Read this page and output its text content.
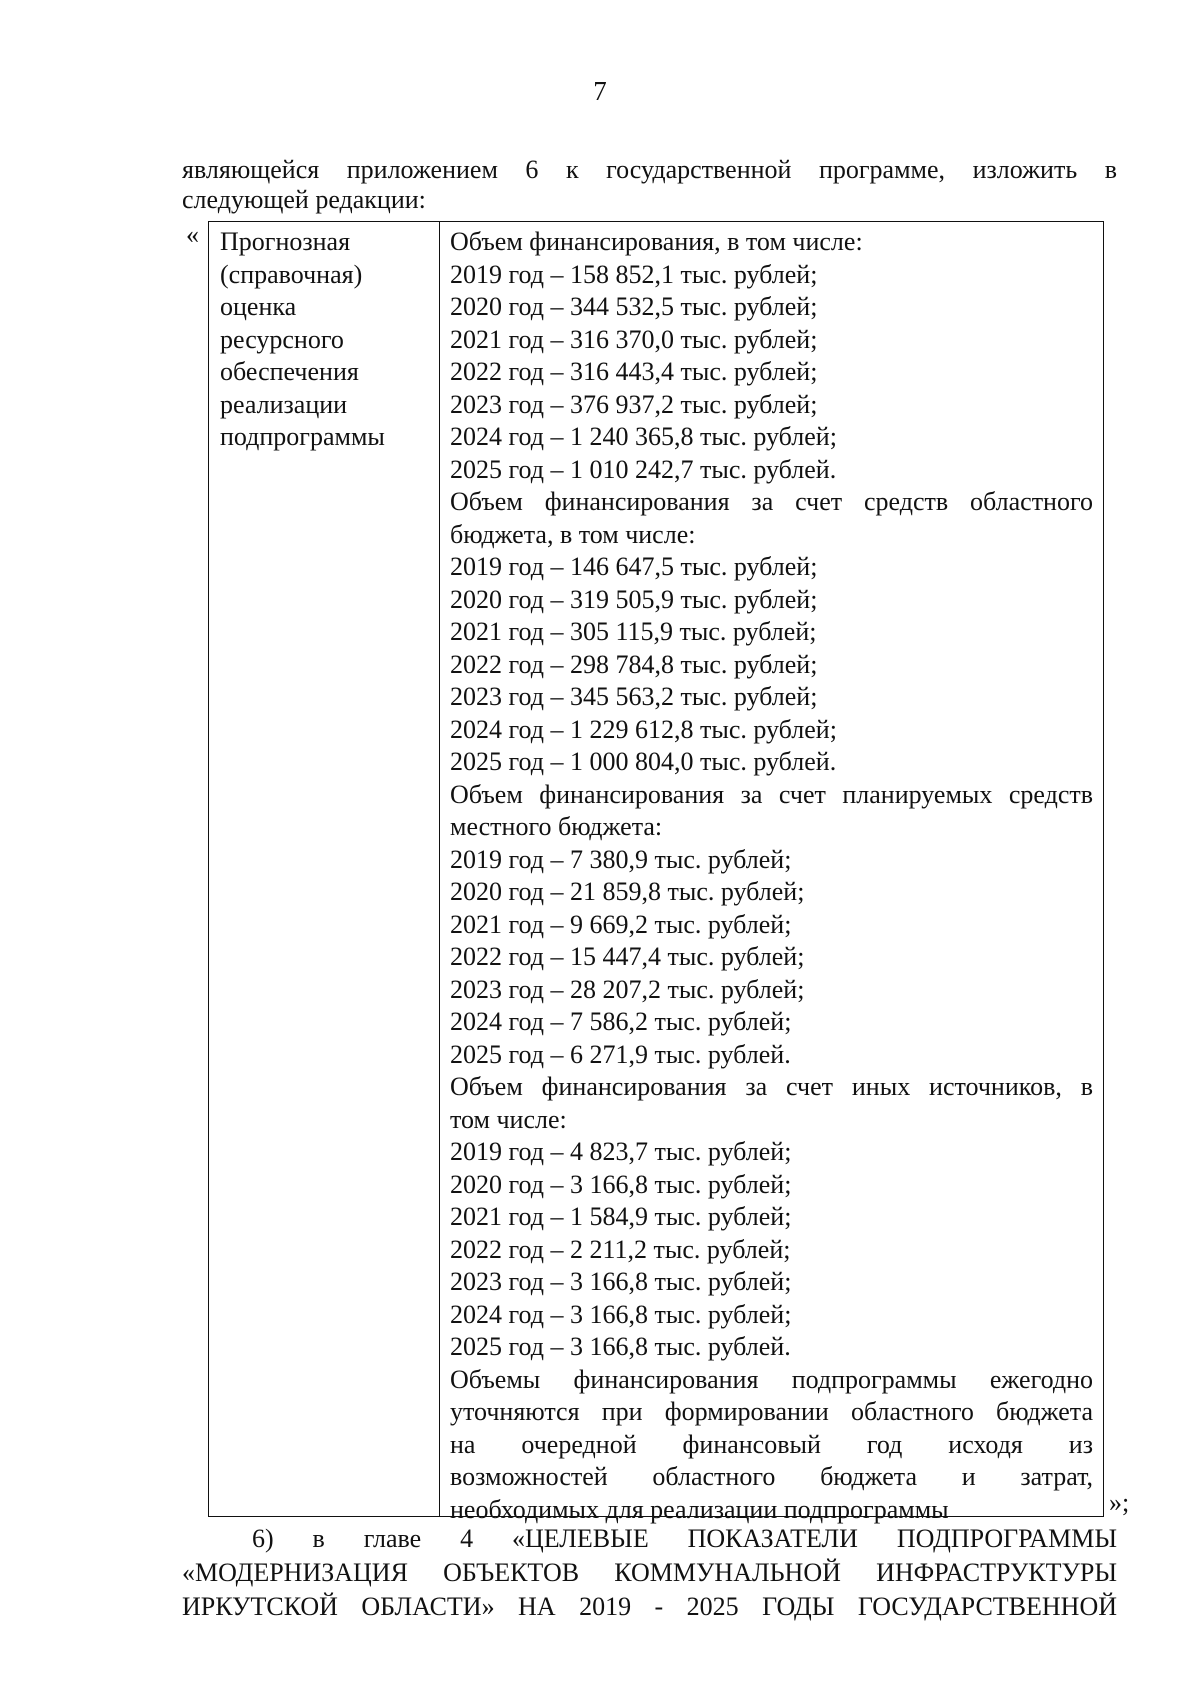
7
являющейся приложением 6 к государственной программе, изложить в
следующей редакции:
« Прогнозная
(справочная)
оценка
ресурсного
обеспечения
реализации
подпрограммы
Объем финансирования, в том числе:
2019 год – 158 852,1 тыс. рублей;
2020 год – 344 532,5 тыс. рублей;
2021 год – 316 370,0 тыс. рублей;
2022 год – 316 443,4 тыс. рублей;
2023 год – 376 937,2 тыс. рублей;
2024 год – 1 240 365,8 тыс. рублей;
2025 год – 1 010 242,7 тыс. рублей.
Объем финансирования за счет средств областного
бюджета, в том числе:
2019 год – 146 647,5 тыс. рублей;
2020 год – 319 505,9 тыс. рублей;
2021 год – 305 115,9 тыс. рублей;
2022 год – 298 784,8 тыс. рублей;
2023 год – 345 563,2 тыс. рублей;
2024 год – 1 229 612,8 тыс. рублей;
2025 год – 1 000 804,0 тыс. рублей.
Объем финансирования за счет планируемых средств
местного бюджета:
2019 год – 7 380,9 тыс. рублей;
2020 год – 21 859,8 тыс. рублей;
2021 год – 9 669,2 тыс. рублей;
2022 год – 15 447,4 тыс. рублей;
2023 год – 28 207,2 тыс. рублей;
2024 год – 7 586,2 тыс. рублей;
2025 год – 6 271,9 тыс. рублей.
Объем финансирования за счет иных источников, в
том числе:
2019 год – 4 823,7 тыс. рублей;
2020 год – 3 166,8 тыс. рублей;
2021 год – 1 584,9 тыс. рублей;
2022 год – 2 211,2 тыс. рублей;
2023 год – 3 166,8 тыс. рублей;
2024 год – 3 166,8 тыс. рублей;
2025 год – 3 166,8 тыс. рублей.
Объемы финансирования подпрограммы ежегодно
уточняются при формировании областного бюджета
на очередной финансовый год исходя из
возможностей областного бюджета и затрат,
необходимых для реализации подпрограммы	»;
6) в главе 4 «ЦЕЛЕВЫЕ ПОКАЗАТЕЛИ ПОДПРОГРАММЫ
«МОДЕРНИЗАЦИЯ ОБЪЕКТОВ КОММУНАЛЬНОЙ ИНФРАСТРУКТУРЫ
ИРКУТСКОЙ ОБЛАСТИ» НА 2019 - 2025 ГОДЫ ГОСУДАРСТВЕННОЙ
